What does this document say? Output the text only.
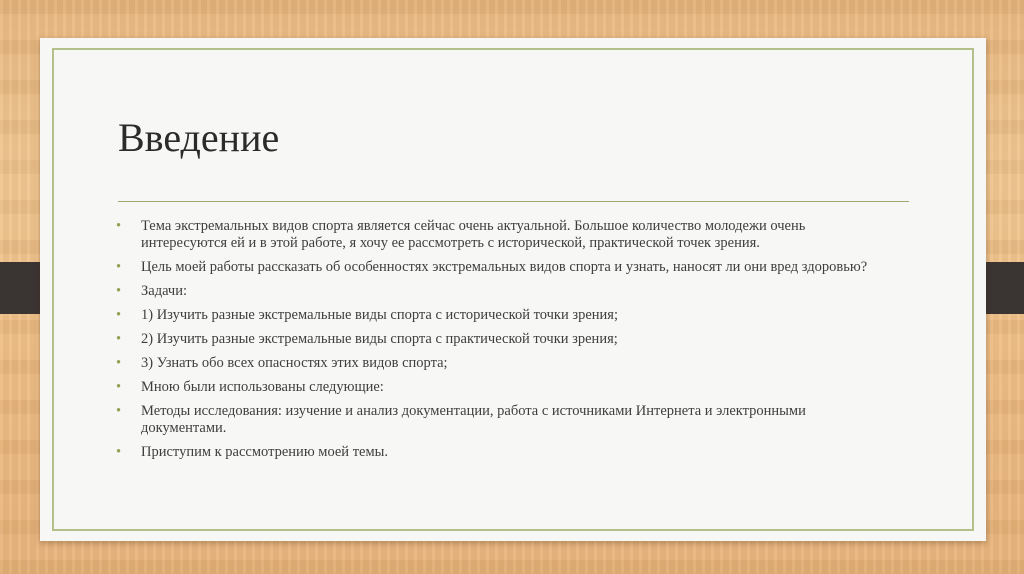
Введение
• Тема экстремальных видов спорта является сейчас очень актуальной. Большое количество молодежи очень интересуются ей и в этой работе, я хочу ее рассмотреть с исторической, практической точек зрения.
• Цель моей работы рассказать об особенностях экстремальных видов спорта и узнать, наносят ли они вред здоровью?
• Задачи:
• 1) Изучить разные экстремальные виды спорта с исторической точки зрения;
• 2) Изучить разные экстремальные виды спорта с практической точки зрения;
• 3) Узнать обо всех опасностях этих видов спорта;
• Мною были использованы следующие:
• Методы исследования: изучение и анализ документации, работа с источниками Интернета и электронными документами.
• Приступим к рассмотрению моей темы.
